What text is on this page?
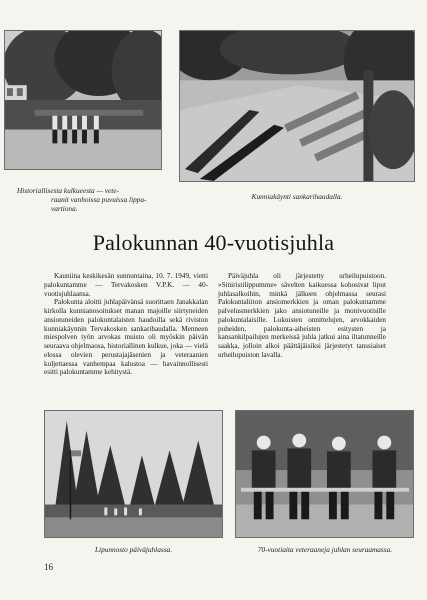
Historiallisesta kulkueesta — vete-
raanit vanhoissa puvuissa lippu-
vartiona.
Kunniakäynti sankarihaudalla.
Palokunnan 40-vuotisjuhla

Kauniina keskikesän sunnuntaina, 10. 7. 1949, vietti palokuntamme — Tervakosken V.P.K. — 40-vuotisjuhlaansa.

Palokunta aloitti juhlapäivänsä suorittaen Janakkalan kirkolla kunnianosoitukset manan majoille siirtyneiden ansiotuneiden palokuntalaisten haudoilla sekä riviston kunniakäynnin Tervakosken sankarihaudalla. Menneen miespolven työn arvokas muisto oli myöskin päivän seuraava ohjelmaosa, historiallinen kulkue, joka — vielä elossa olevien perustajajäsenien ja veteraanien kuljettaessa vanhempaa kalustoa — havainnollisesti esitti palokuntamme kehitystä.

Päiväjuhla oli järjestetty urheilupuistoon. »Siniristilippumme» sävelten kaikuessa kohosivat liput juhlasalkoihin, minkä jälkeen ohjelmassa seurasi Palokuntaliiton ansiomerkkien ja oman palokuntamme palvelusmerkkien jako ansiotuneille ja monivuotisille palokuntalaisille. Lukuisten onnittelujen, arvokkaiden puheiden, palokunta-aiheisten esitysten ja kansankilpailujen merkeissä juhla jatkui aina iltatunneille saakka, jolloin alkoi päättäjäisiksi järjestetyt tanssiaiset urheilupuiston lavalla.

Lipunnosto päiväjuhlassa.	70-vuotiaita veteraaneja juhlan seuraamassa.
16
